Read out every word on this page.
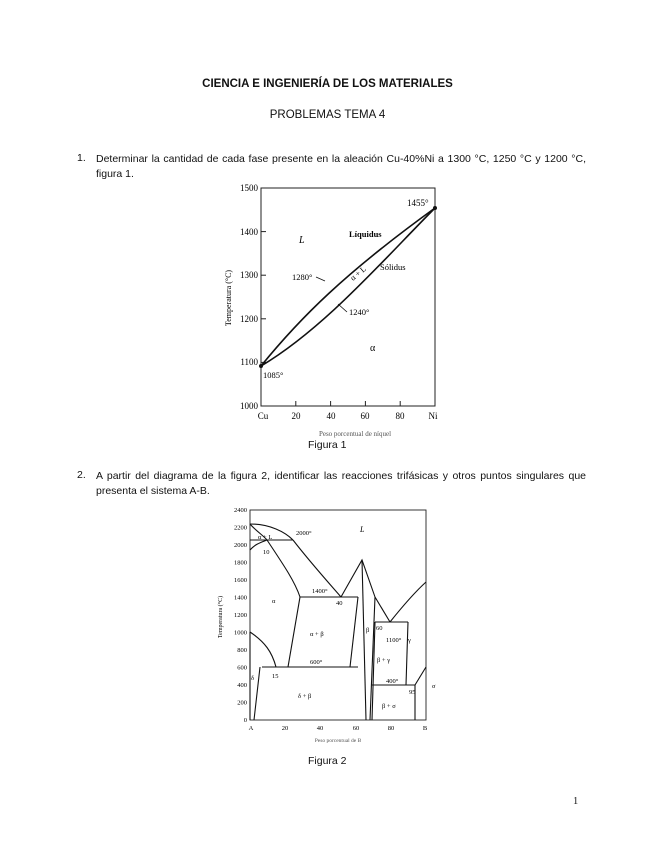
CIENCIA E INGENIERÍA DE LOS MATERIALES
PROBLEMAS TEMA 4
1. Determinar la cantidad de cada fase presente en la aleación Cu-40%Ni a 1300 °C, 1250 °C y 1200 °C, figura 1.
1500
1400
1300
1200
1100
1000
Cu	20	40	60	80	Ni
Peso porcentual de níquel
Temperatura (°C)
1455°
L
Líquidus
Sólidus
α + L
1280°
1240°
α
1085°
Figura 1
2. A partir del diagrama de la figura 2, identificar las reacciones trifásicas y otros puntos singulares que presenta el sistema A-B.
2400
2200
2000
1800
1600
1400
1200
1000
800
600
400
200
0
A	20	40	60	80	B
Peso porcentual de B
Temperatura (°C)
L
α + L
2000°
10
1400°
40
60
1100°
600°
15
400°
95
α
α + β
δ + β
δ
β
β + γ
γ
β + σ
σ
Figura 2
1
